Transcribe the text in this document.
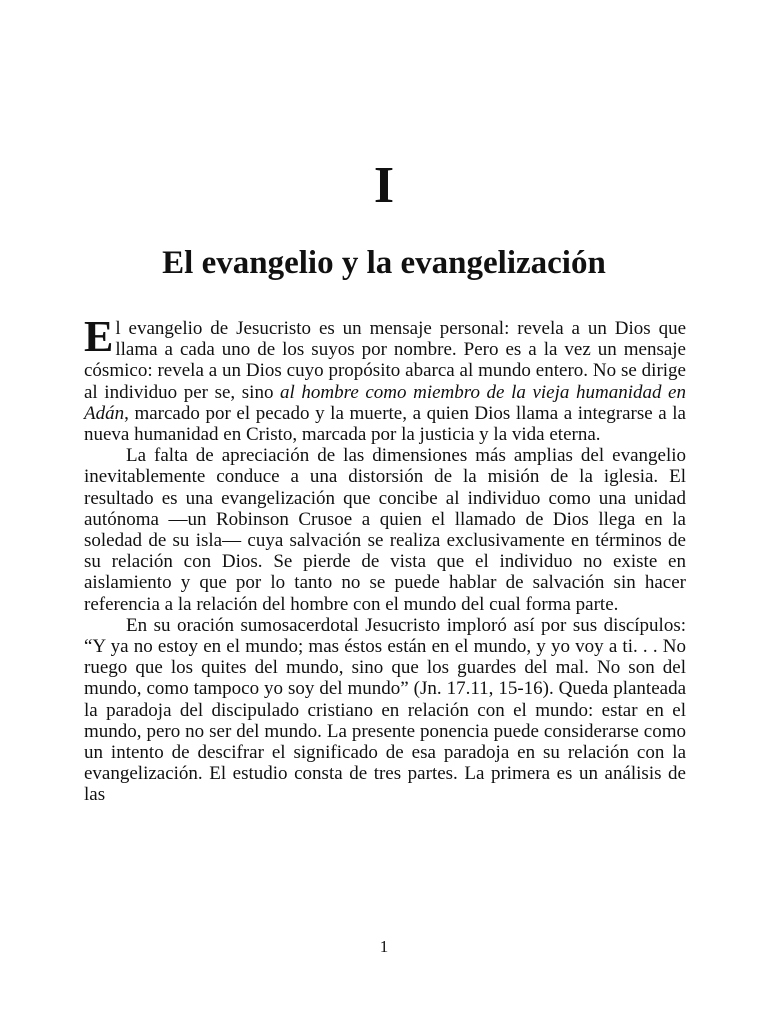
I
El evangelio y la evangelización

El evangelio de Jesucristo es un mensaje personal: revela a un Dios que llama a cada uno de los suyos por nombre. Pero es a la vez un mensaje cósmico: revela a un Dios cuyo propósito abarca al mundo entero. No se dirige al individuo per se, sino al hombre como miembro de la vieja humanidad en Adán, marcado por el pecado y la muerte, a quien Dios llama a integrarse a la nueva humanidad en Cristo, marcada por la justicia y la vida eterna.

La falta de apreciación de las dimensiones más amplias del evangelio inevitablemente conduce a una distorsión de la misión de la iglesia. El resultado es una evangelización que concibe al individuo como una unidad autónoma —un Robinson Crusoe a quien el llamado de Dios llega en la soledad de su isla— cuya salvación se realiza exclusivamente en términos de su relación con Dios. Se pierde de vista que el individuo no existe en aislamiento y que por lo tanto no se puede hablar de salvación sin hacer referencia a la relación del hombre con el mundo del cual forma parte.

En su oración sumosacerdotal Jesucristo imploró así por sus discípulos: “Y ya no estoy en el mundo; mas éstos están en el mundo, y yo voy a ti. . . No ruego que los quites del mundo, sino que los guardes del mal. No son del mundo, como tampoco yo soy del mundo” (Jn. 17.11, 15-16). Queda planteada la paradoja del discipulado cristiano en relación con el mundo: estar en el mundo, pero no ser del mundo. La presente ponencia puede considerarse como un intento de descifrar el significado de esa paradoja en su relación con la evangelización. El estudio consta de tres partes. La primera es un análisis de las

1
